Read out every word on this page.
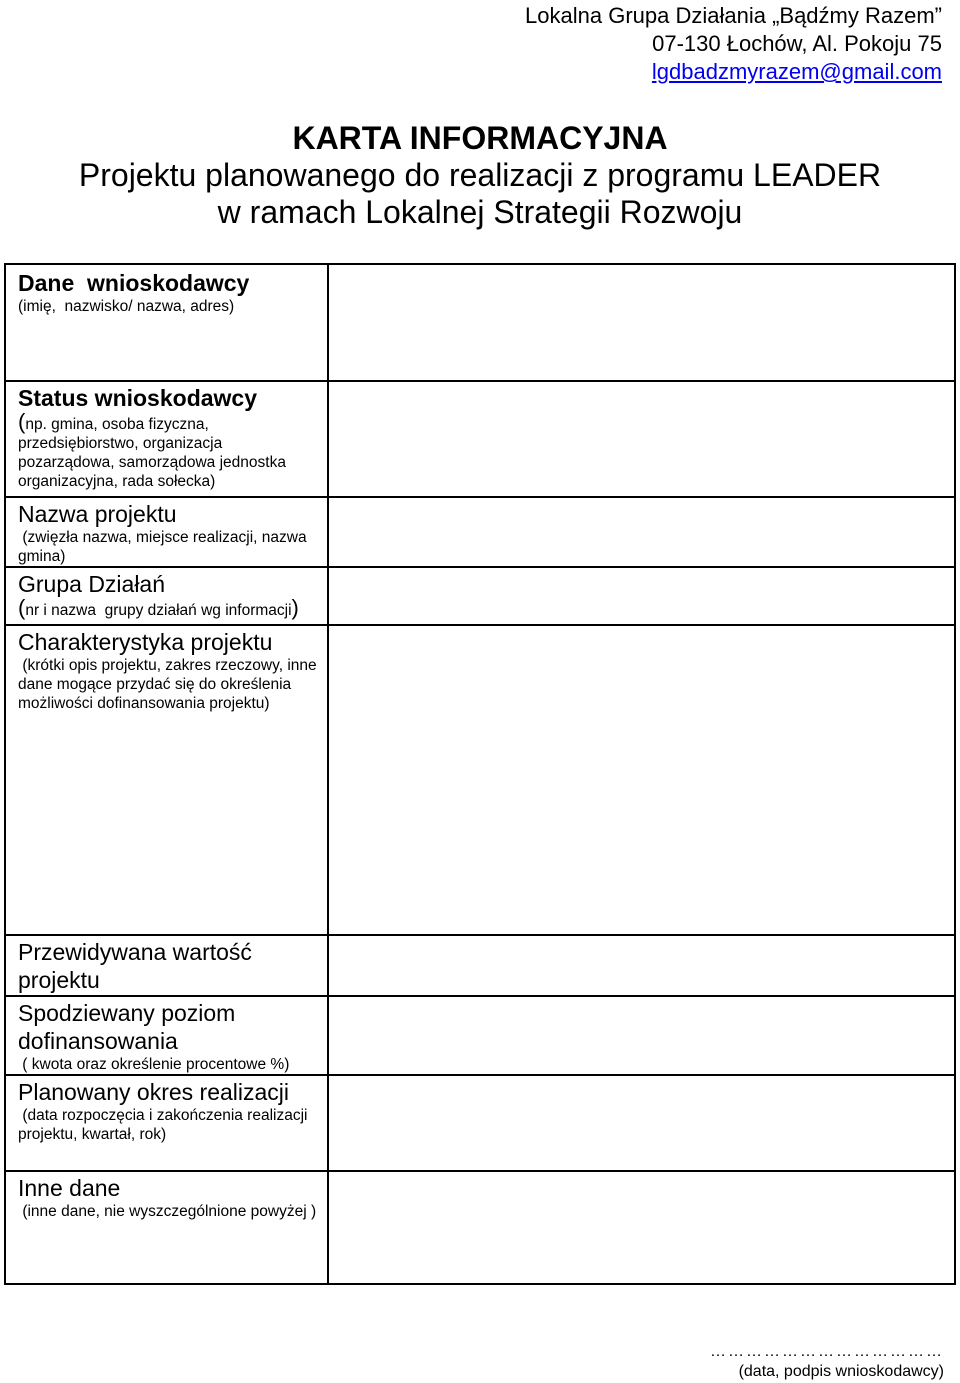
Lokalna Grupa Działania „Bądźmy Razem”
07-130 Łochów, Al. Pokoju 75
lgdbadzmyrazem@gmail.com
KARTA INFORMACYJNA
Projektu planowanego do realizacji z programu LEADER
w ramach Lokalnej Strategii Rozwoju
Dane  wnioskodawcy
(imię,  nazwisko/ nazwa, adres)	

Status wnioskodawcy
(np. gmina, osoba fizyczna, przedsiębiorstwo, organizacja pozarządowa, samorządowa jednostka organizacyjna, rada sołecka)	

Nazwa projektu
(zwięzła nazwa, miejsce realizacji, nazwa gmina)	

Grupa Działań
(nr i nazwa  grupy działań wg informacji)	

Charakterystyka projektu
(krótki opis projektu, zakres rzeczowy, inne dane mogące przydać się do określenia możliwości dofinansowania projektu)	

Przewidywana wartość projektu	

Spodziewany poziom dofinansowania
( kwota oraz określenie procentowe %)	

Planowany okres realizacji
(data rozpoczęcia i zakończenia realizacji projektu, kwartał, rok)	

Inne dane
(inne dane, nie wyszczególnione powyżej )	

…………………………………
(data, podpis wnioskodawcy)
